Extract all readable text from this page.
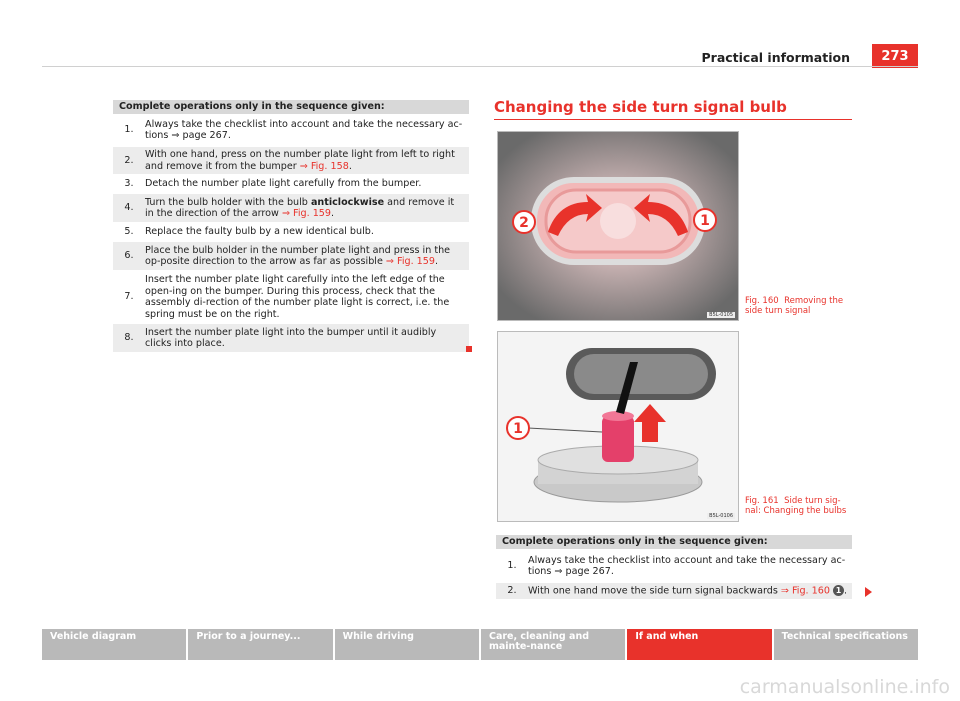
Practical information	273
Complete operations only in the sequence given:
1.
Always take the checklist into account and take the necessary ac-tions ⇒ page 267.
2.
With one hand, press on the number plate light from left to right and remove it from the bumper ⇒ Fig. 158.
3.	Detach the number plate light carefully from the bumper.
4.
Turn the bulb holder with the bulb anticlockwise and remove it in the direction of the arrow ⇒ Fig. 159.
5.	Replace the faulty bulb by a new identical bulb.
6.
Place the bulb holder in the number plate light and press in the op-posite direction to the arrow as far as possible ⇒ Fig. 159.
7.
Insert the number plate light carefully into the left edge of the open-ing on the bumper. During this process, check that the assembly di-rection of the number plate light is correct, i.e. the spring must be on the right.
8.
Insert the number plate light into the bumper until it audibly clicks into place.
Changing the side turn signal bulb
2	1
B5L-0105
Fig. 160 Removing the side turn signal
1
B5L-0106
Fig. 161 Side turn sig-nal: Changing the bulbs
Complete operations only in the sequence given:
1.
Always take the checklist into account and take the necessary ac-tions ⇒ page 267.
2.	With one hand move the side turn signal backwards ⇒ Fig. 160 1 .
Vehicle diagram	Prior to a journey...	While driving	Care, cleaning and mainte-nance
If and when	Technical specifications
carmanualsonline.info
